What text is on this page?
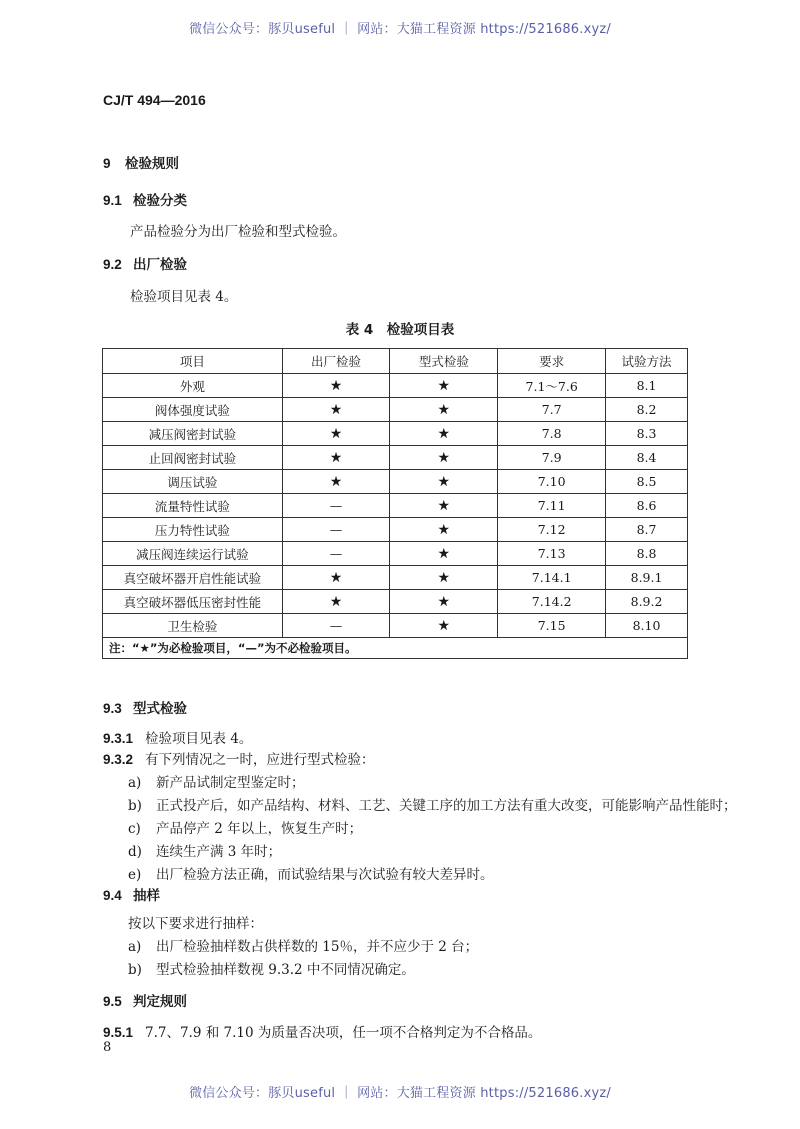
微信公众号：豚贝useful ｜ 网站：大猫工程资源 https://521686.xyz/
CJ/T 494—2016
9 检验规则
9.1 检验分类
产品检验分为出厂检验和型式检验。
9.2 出厂检验
检验项目见表 4。
表 4　检验项目表
项目	出厂检验	型式检验	要求	试验方法
外观	★	★	7.1～7.6	8.1
阀体强度试验	★	★	7.7	8.2
减压阀密封试验	★	★	7.8	8.3
止回阀密封试验	★	★	7.9	8.4
调压试验	★	★	7.10	8.5
流量特性试验	—	★	7.11	8.6
压力特性试验	—	★	7.12	8.7
减压阀连续运行试验	—	★	7.13	8.8
真空破坏器开启性能试验	★	★	7.14.1	8.9.1
真空破坏器低压密封性能	★	★	7.14.2	8.9.2
卫生检验	—	★	7.15	8.10
注：“★”为必检验项目，“—”为不必检验项目。				
9.3 型式检验
9.3.1 检验项目见表 4。
9.3.2 有下列情况之一时，应进行型式检验：
a) 新产品试制定型鉴定时；
b) 正式投产后，如产品结构、材料、工艺、关键工序的加工方法有重大改变，可能影响产品性能时；
c) 产品停产 2 年以上，恢复生产时；
d) 连续生产满 3 年时；
e) 出厂检验方法正确，而试验结果与次试验有较大差异时。
9.4 抽样
按以下要求进行抽样：
a) 出厂检验抽样数占供样数的 15％，并不应少于 2 台；
b) 型式检验抽样数视 9.3.2 中不同情况确定。
9.5 判定规则
9.5.1 7.7、7.9 和 7.10 为质量否决项，任一项不合格判定为不合格品。
8
微信公众号：豚贝useful ｜ 网站：大猫工程资源 https://521686.xyz/
